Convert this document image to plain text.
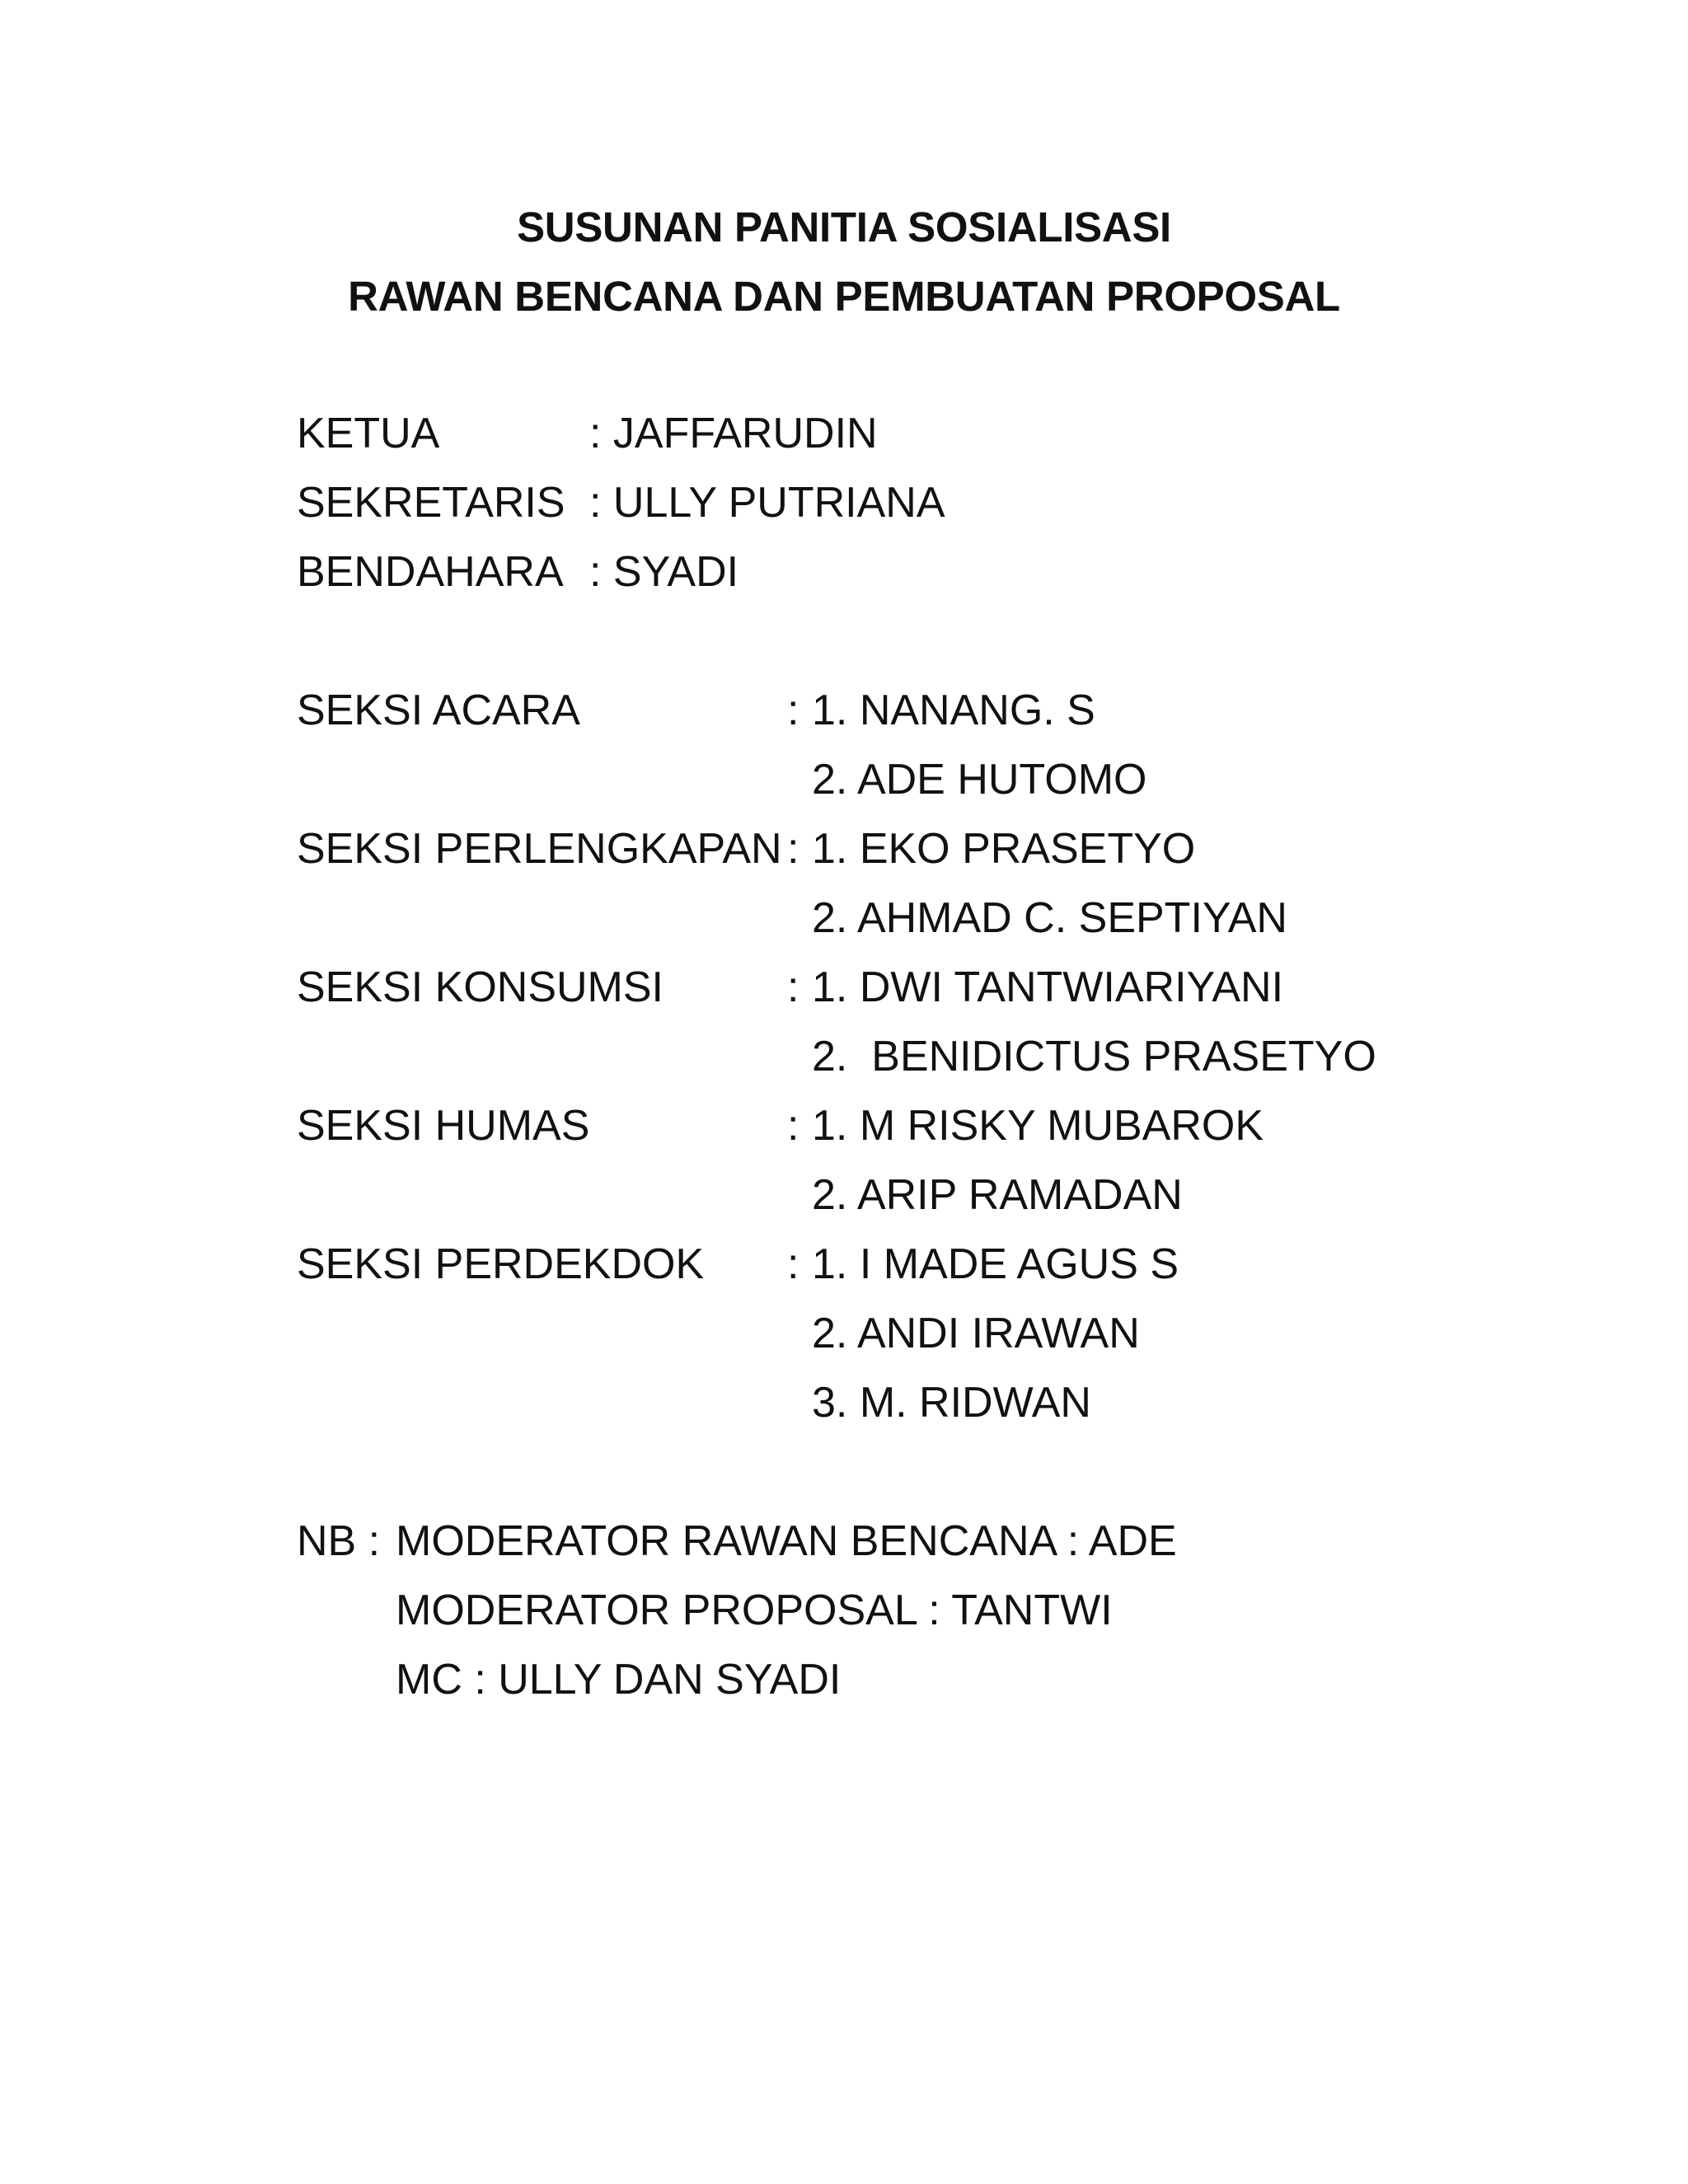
SUSUNAN PANITIA SOSIALISASI
RAWAN BENCANA DAN PEMBUATAN PROPOSAL
KETUA	: JAFFARUDIN
SEKRETARIS : ULLY PUTRIANA
BENDAHARA : SYADI
SEKSI ACARA	: 1. NANANG. S
2. ADE HUTOMO
SEKSI PERLENGKAPAN : 1. EKO PRASETYO
2. AHMAD C. SEPTIYAN
SEKSI KONSUMSI	: 1. DWI TANTWIARIYANI
2.  BENIDICTUS PRASETYO
SEKSI HUMAS	: 1. M RISKY MUBAROK
2. ARIP RAMADAN
SEKSI PERDEKDOK : 1. I MADE AGUS S
2. ANDI IRAWAN
3. M. RIDWAN
NB : MODERATOR RAWAN BENCANA : ADE
MODERATOR PROPOSAL : TANTWI
MC : ULLY DAN SYADI
